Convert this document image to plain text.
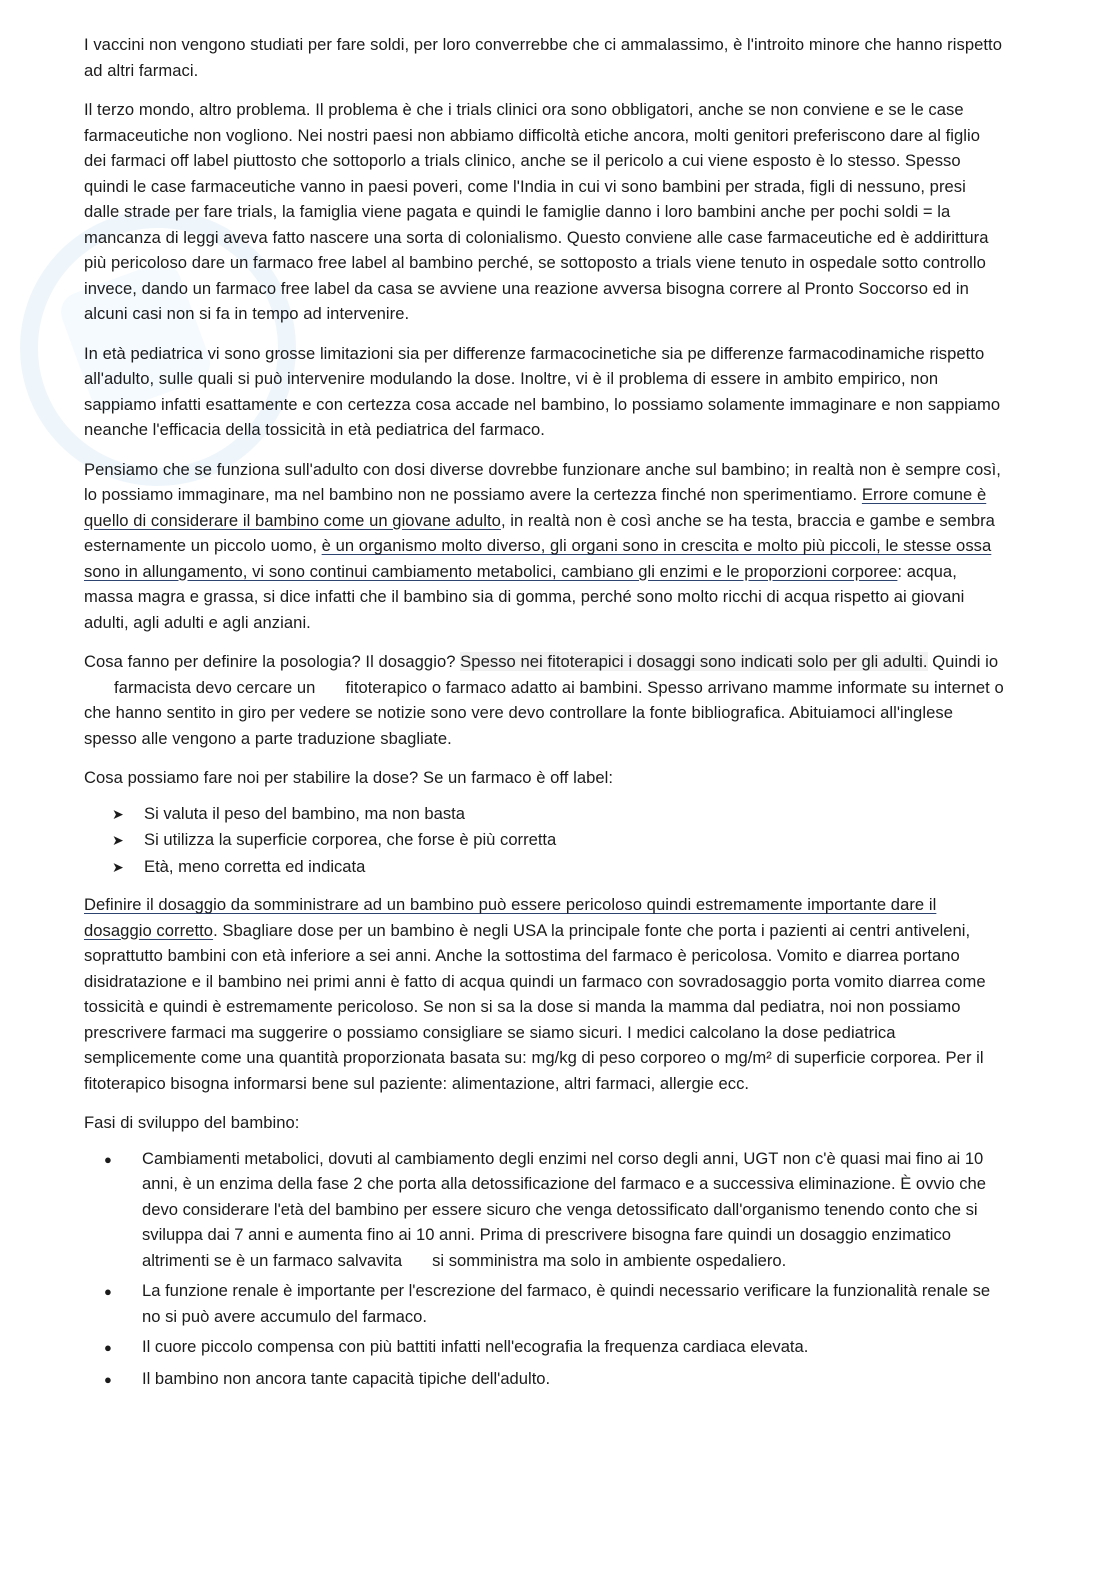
I vaccini non vengono studiati per fare soldi, per loro converrebbe che ci ammalassimo, è l'introito minore che hanno rispetto ad altri farmaci.

Il terzo mondo, altro problema. Il problema è che i trials clinici ora sono obbligatori, anche se non conviene e se le case farmaceutiche non vogliono. Nei nostri paesi non abbiamo difficoltà etiche ancora, molti genitori preferiscono dare al figlio dei farmaci off label piuttosto che sottoporlo a trials clinico, anche se il pericolo a cui viene esposto è lo stesso. Spesso quindi le case farmaceutiche vanno in paesi poveri, come l'India in cui vi sono bambini per strada, figli di nessuno, presi dalle strade per fare trials, la famiglia viene pagata e quindi le famiglie danno i loro bambini anche per pochi soldi = la mancanza di leggi aveva fatto nascere una sorta di colonialismo. Questo conviene alle case farmaceutiche ed è addirittura più pericoloso dare un farmaco free label al bambino perché, se sottoposto a trials viene tenuto in ospedale sotto controllo invece, dando un farmaco free label da casa se avviene una reazione avversa bisogna correre al Pronto Soccorso ed in alcuni casi non si fa in tempo ad intervenire.

In età pediatrica vi sono grosse limitazioni sia per differenze farmacocinetiche sia pe differenze farmacodinamiche rispetto all'adulto, sulle quali si può intervenire modulando la dose. Inoltre, vi è il problema di essere in ambito empirico, non sappiamo infatti esattamente e con certezza cosa accade nel bambino, lo possiamo solamente immaginare e non sappiamo neanche l'efficacia della tossicità in età pediatrica del farmaco.

Pensiamo che se funziona sull'adulto con dosi diverse dovrebbe funzionare anche sul bambino; in realtà non è sempre così, lo possiamo immaginare, ma nel bambino non ne possiamo avere la certezza finché non sperimentiamo. Errore comune è quello di considerare il bambino come un giovane adulto, in realtà non è così anche se ha testa, braccia e gambe e sembra esternamente un piccolo uomo, è un organismo molto diverso, gli organi sono in crescita e molto più piccoli, le stesse ossa sono in allungamento, vi sono continui cambiamento metabolici, cambiano gli enzimi e le proporzioni corporee: acqua, massa magra e grassa, si dice infatti che il bambino sia di gomma, perché sono molto ricchi di acqua rispetto ai giovani adulti, agli adulti e agli anziani.

Cosa fanno per definire la posologia? Il dosaggio? Spesso nei fitoterapici i dosaggi sono indicati solo per gli adulti. Quindi iofarmacista devo cercare un fitoterapico o farmaco adatto ai bambini. Spesso arrivano mamme informate su internet o che hanno sentito in giro per vedere se notizie sono vere devo controllare la fonte bibliografica. Abituiamoci all'inglese spesso alle vengono a parte traduzione sbagliate.

Cosa possiamo fare noi per stabilire la dose? Se un farmaco è off label:

➤	Si valuta il peso del bambino, ma non basta
➤	Si utilizza la superficie corporea, che forse è più corretta
➤	Età, meno corretta ed indicata

Definire il dosaggio da somministrare ad un bambino può essere pericoloso quindi estremamente importante dare il dosaggio corretto. Sbagliare dose per un bambino è negli USA la principale fonte che porta i pazienti ai centri antiveleni, soprattutto bambini con età inferiore a sei anni. Anche la sottostima del farmaco è pericolosa. Vomito e diarrea portano disidratazione e il bambino nei primi anni è fatto di acqua quindi un farmaco con sovradosaggio porta vomito diarrea come tossicità e quindi è estremamente pericoloso. Se non si sa la dose si manda la mamma dal pediatra, noi non possiamo prescrivere farmaci ma suggerire o possiamo consigliare se siamo sicuri. I medici calcolano la dose pediatrica semplicemente come una quantità proporzionata basata su: mg/kg di peso corporeo o mg/m² di superficie corporea. Per il fitoterapico bisogna informarsi bene sul paziente: alimentazione, altri farmaci, allergie ecc.

Fasi di sviluppo del bambino:

●	Cambiamenti metabolici, dovuti al cambiamento degli enzimi nel corso degli anni, UGT non c'è quasi mai fino ai 10 anni, è un enzima della fase 2 che porta alla detossificazione del farmaco e a successiva eliminazione. È ovvio che devo considerare l'età del bambino per essere sicuro che venga detossificato dall'organismo tenendo conto che si sviluppa dai 7 anni e aumenta fino ai 10 anni. Prima di prescrivere bisogna fare quindi un dosaggio enzimatico altrimenti se è un farmaco salvavita si somministra ma solo in ambiente ospedaliero.
●	La funzione renale è importante per l'escrezione del farmaco, è quindi necessario verificare la funzionalità renale se no si può avere accumulo del farmaco.
●	Il cuore piccolo compensa con più battiti infatti nell'ecografia la frequenza cardiaca elevata.
●	Il bambino non ancora tante capacità tipiche dell'adulto.
